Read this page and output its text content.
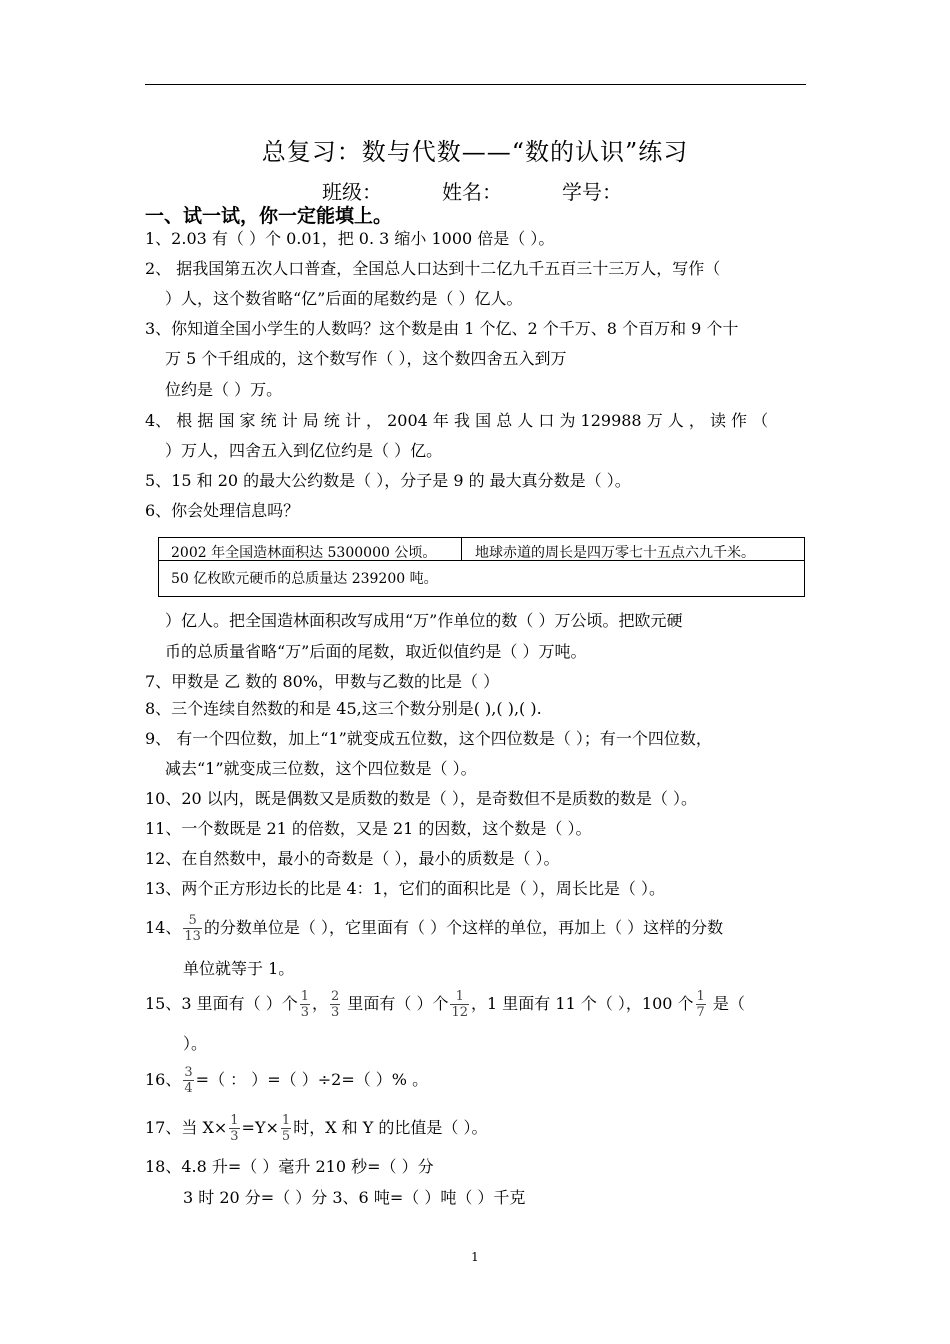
总复习：数与代数——“数的认识”练习
班级：	姓名：	学号：
一、试一试，你一定能填上。
1、2.03 有（ ）个 0.01，把 0. 3 缩小 1000 倍是（ ）。
2、 据我国第五次人口普查，全国总人口达到十二亿九千五百三十三万人，写作（
）人，这个数省略“亿”后面的尾数约是（ ）亿人。
3、你知道全国小学生的人数吗？这个数是由 1 个亿、2 个千万、8 个百万和 9 个十
万 5 个千组成的，这个数写作（ ），这个数四舍五入到万
位约是（ ）万。
4、 根 据 国 家 统 计 局 统 计 ， 2004 年 我 国 总 人 口 为 129988 万 人 ， 读 作 （
）万人，四舍五入到亿位约是（ ）亿。
5、15 和 20 的最大公约数是（ ），分子是 9 的 最大真分数是（ ）。
6、你会处理信息吗？
2002 年全国造林面积达 5300000 公顷。	地球赤道的周长是四万零七十五点六九千米。
50 亿枚欧元硬币的总质量达 239200 吨。
）亿人。把全国造林面积改写成用“万”作单位的数（ ）万公顷。把欧元硬
币的总质量省略“万”后面的尾数，取近似值约是（ ）万吨。
7、甲数是 乙 数的 80%，甲数与乙数的比是（ ）
8、三个连续自然数的和是 45,这三个数分别是( ),( ),( ).
9、 有一个四位数，加上“1”就变成五位数，这个四位数是（ ）；有一个四位数，
减去“1”就变成三位数，这个四位数是（ ）。
10、20 以内，既是偶数又是质数的数是（ ），是奇数但不是质数的数是（ ）。
11、一个数既是 21 的倍数，又是 21 的因数，这个数是（ ）。
12、在自然数中，最小的奇数是（ ），最小的质数是（ ）。
13、两个正方形边长的比是 4：1，它们的面积比是（ ），周长比是（ ）。
14、 $\frac{5}{13}$ 的分数单位是（ ），它里面有（ ）个这样的单位，再加上（ ）这样的分数
单位就等于 1。
15、3 里面有（ ）个 $\frac{1}{3}$ ， $\frac{2}{3}$ 里面有（ ）个 $\frac{1}{12}$ ，1 里面有 11 个（ ），100 个 $\frac{1}{7}$ 是（
）。
16、 $\frac{3}{4}$ =（ ： ）=（ ）÷2=（ ）% 。
17、当 $X\times \frac{1}{3} =Y\times \frac{1}{5}$ 时，X 和 Y 的比值是（ ）。
18、4.8 升=（ ）毫升 210 秒=（ ）分
3 时 20 分=（ ）分 3、6 吨=（ ）吨（ ）千克
1
